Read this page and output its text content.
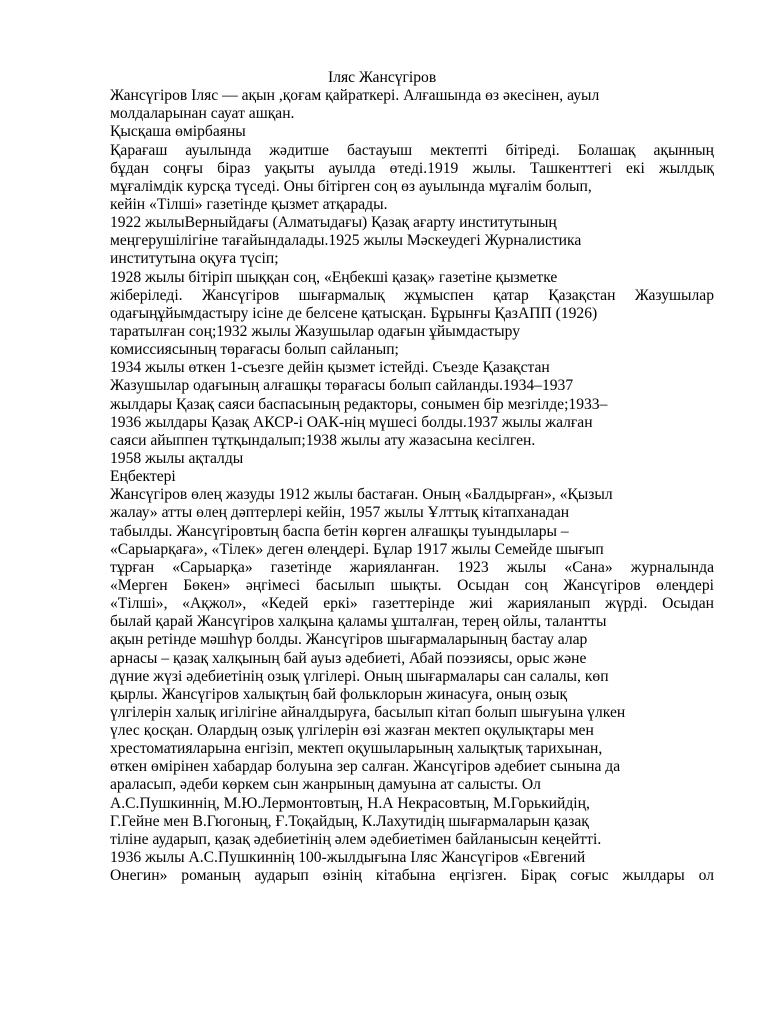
Іляс Жансүгіров
Жансүгіров Іляс — ақын ,қоғам қайраткері. Алғашында өз әкесінен, ауыл
молдаларынан сауат ашқан.
Қысқаша өмірбаяны
Қарағаш ауылында жәдитше бастауыш мектепті бітіреді. Болашақ ақынның
бұдан соңғы біраз уақыты ауылда өтеді.1919 жылы. Ташкенттегі екі жылдық
мұғалімдік курсқа түседі. Оны бітірген соң өз ауылында мұғалім болып,
кейін «Тілші» газетінде қызмет атқарады.
1922 жылыВерныйдағы (Алматыдағы) Қазақ ағарту институтының
меңгерушілігіне тағайындалады.1925 жылы Мәскеудегі Журналистика
институтына оқуға түсіп;
1928 жылы бітіріп шыққан соң, «Еңбекші қазақ» газетіне қызметке
жіберіледі. Жансүгіров шығармалық жұмыспен қатар Қазақстан Жазушылар
одағыңұйымдастыру ісіне де белсене қатысқан. Бұрынғы ҚазАПП (1926)
таратылған соң;1932 жылы Жазушылар одағын ұйымдастыру
комиссиясының төрағасы болып сайланып;
1934 жылы өткен 1-съезге дейін қызмет істейді. Съезде Қазақстан
Жазушылар одағының алғашқы төрағасы болып сайланды.1934–1937
жылдары Қазақ саяси баспасының редакторы, сонымен бір мезгілде;1933–
1936 жылдары Қазақ АКСР-і ОАК-нің мүшесі болды.1937 жылы жалған
саяси айыппен тұтқындалып;1938 жылы ату жазасына кесілген.
1958 жылы ақталды
Еңбектері
Жансүгіров өлең жазуды 1912 жылы бастаған. Оның «Балдырған», «Қызыл
жалау» атты өлең дәптерлері кейін, 1957 жылы Ұлттық кітапханадан
табылды. Жансүгіровтың баспа бетін көрген алғашқы туындылары –
«Сарыарқаға», «Тілек» деген өлеңдері. Бұлар 1917 жылы Семейде шығып
тұрған «Сарыарқа» газетінде жарияланған. 1923 жылы «Сана» журналында
«Мерген Бөкен» әңгімесі басылып шықты. Осыдан соң Жансүгіров өлеңдері
«Тілші», «Ақжол», «Кедей еркі» газеттерінде жиі жарияланып жүрді. Осыдан
былай қарай Жансүгіров халқына қаламы ұшталған, терең ойлы, талантты
ақын ретінде мәшһүр болды. Жансүгіров шығармаларының бастау алар
арнасы – қазақ халқының бай ауыз әдебиеті, Абай поэзиясы, орыс және
дүние жүзі әдебиетінің озық үлгілері. Оның шығармалары сан салалы, көп
қырлы. Жансүгіров халықтың бай фольклорын жинасуға, оның озық
үлгілерін халық игілігіне айналдыруға, басылып кітап болып шығуына үлкен
үлес қосқан. Олардың озық үлгілерін өзі жазған мектеп оқулықтары мен
хрестоматияларына енгізіп, мектеп оқушыларының халықтық тарихынан,
өткен өмірінен хабардар болуына зер салған. Жансүгіров әдебиет сынына да
араласып, әдеби көркем сын жанрының дамуына ат салысты. Ол
А.С.Пушкиннің, М.Ю.Лермонтовтың, Н.А Некрасовтың, М.Горькийдің,
Г.Гейне мен В.Гюгоның, Ғ.Тоқайдың, К.Лахутидің шығармаларын қазақ
тіліне аударып, қазақ әдебиетінің әлем әдебиетімен байланысын кеңейтті.
1936 жылы А.С.Пушкиннің 100-жылдығына Іляс Жансүгіров «Евгений
Онегин» романың аударып өзінің кітабына еңгізген. Бірақ соғыс жылдары ол
